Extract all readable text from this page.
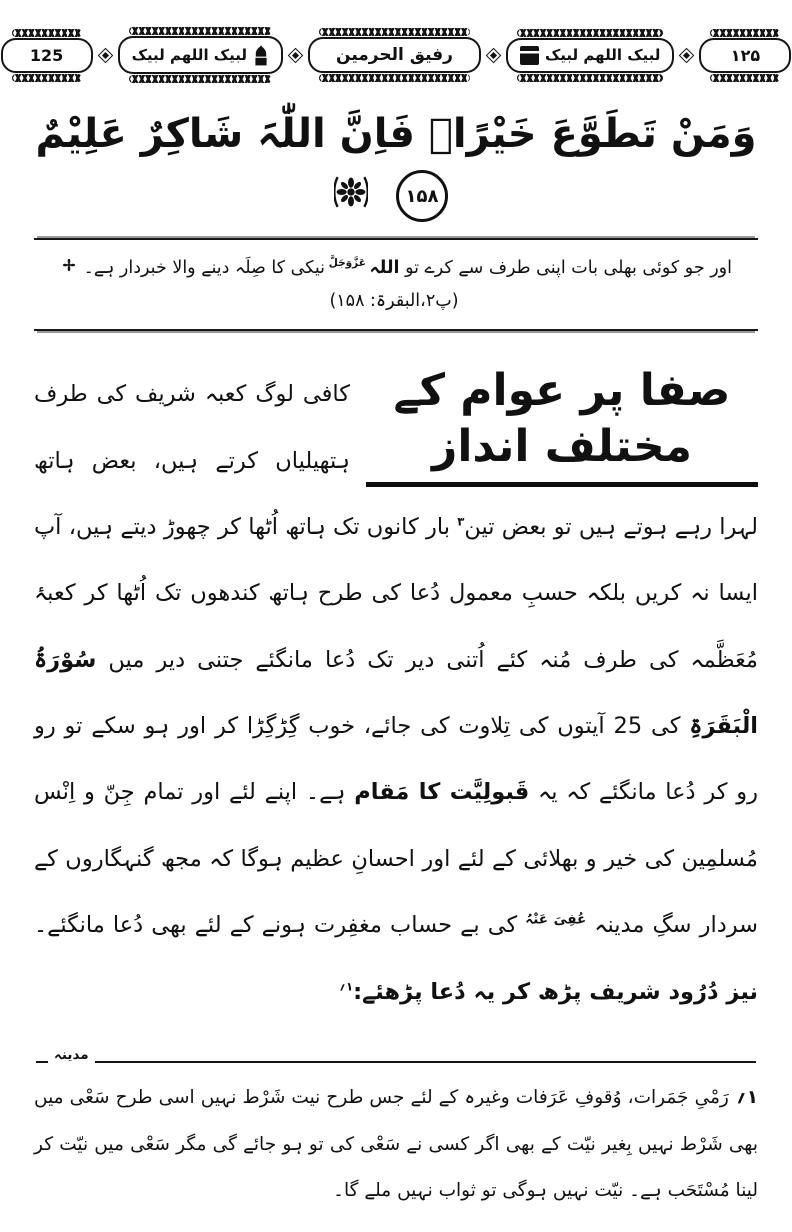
125	لبیک اللھم لبیک	رفیق الحرمین	لبیک اللھم لبیک	۱۲۵
وَمَنْ تَطَوَّعَ خَیْرًاۙ فَاِنَّ اللّٰہَ شَاکِرٌ عَلِیْمٌ ۱۵۸
اور جو کوئی بھلی بات اپنی طرف سے کرے تو اللہ $^{عَزَّوَجَلَّ}$ نیکی کا صِلَہ دینے والا خبردار ہے۔  (پ۲،البقرۃ: ۱۵۸)
صفا پر عوام کے مختلف انداز
کافی لوگ کعبہ شریف کی طرف ہتھیلیاں کرتے ہیں، بعض ہاتھ لہرا رہے ہوتے ہیں تو بعض تین$^۳$ بار کانوں تک ہاتھ اُٹھا کر چھوڑ دیتے ہیں، آپ ایسا نہ کریں بلکہ حسبِ معمول دُعا کی طرح ہاتھ کندھوں تک اُٹھا کر کعبۂ مُعَظَّمہ کی طرف مُنہ کئے اُتنی دیر تک دُعا مانگئے جتنی دیر میں سُوْرَۃُ الْبَقَرَۃِ کی 25 آیتوں کی تِلاوت کی جائے، خوب گِڑگِڑا کر اور ہو سکے تو رو رو کر دُعا مانگئے کہ یہ قَبولِیَّت کا مَقام ہے۔ اپنے لئے اور تمام جِنّ و اِنْس مُسلمِین کی خیر و بھلائی کے لئے اور احسانِ عظیم ہوگا کہ مجھ گنہگاروں کے سردار سگِ مدینہ $^{عُفِیَ عَنْہُ}$ کی بے حساب مغفِرت ہونے کے لئے بھی دُعا مانگئے۔ نیز دُرُود شریف پڑھ کر یہ دُعا پڑھئے:$^{۱؍}$
مدینہ
۱؍رَمْیِ جَمَرات، وُقوفِ عَرَفات وغیرہ کے لئے جس طرح نیت شَرْط نہیں اسی طرح سَعْی میں بھی شَرْط نہیں بِغیر نیّت کے بھی اگر کسی نے سَعْی کی تو ہو جائے گی مگر سَعْی میں نیّت کر لینا مُسْتَحَب ہے۔ نیّت نہیں ہوگی تو ثواب نہیں ملے گا۔
